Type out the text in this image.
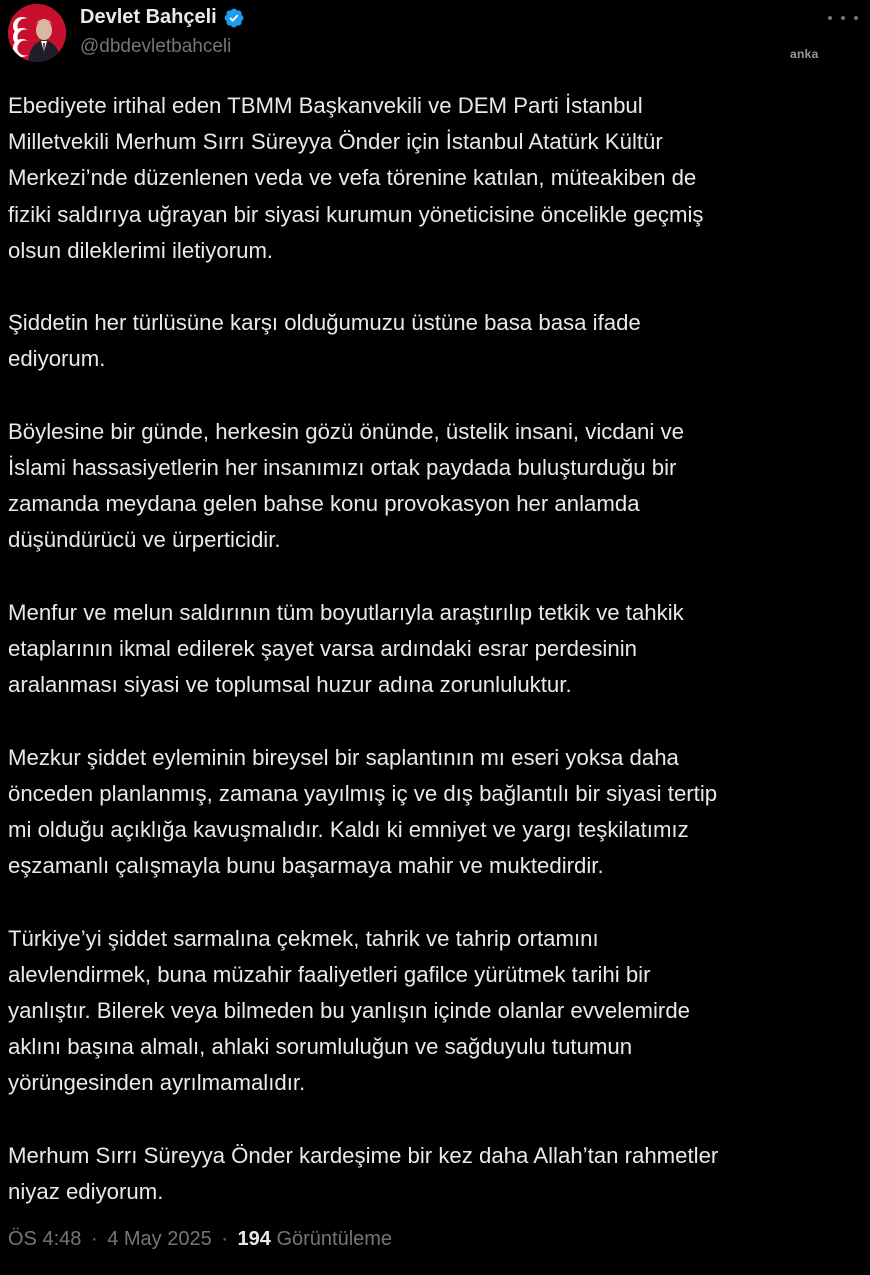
Devlet Bahçeli
@dbdevletbahceli	anka

Ebediyete irtihal eden TBMM Başkanvekili ve DEM Parti İstanbul
Milletvekili Merhum Sırrı Süreyya Önder için İstanbul Atatürk Kültür
Merkezi’nde düzenlenen veda ve vefa törenine katılan, müteakiben de
fiziki saldırıya uğrayan bir siyasi kurumun yöneticisine öncelikle geçmiş
olsun dileklerimi iletiyorum.

Şiddetin her türlüsüne karşı olduğumuzu üstüne basa basa ifade
ediyorum.

Böylesine bir günde, herkesin gözü önünde, üstelik insani, vicdani ve
İslami hassasiyetlerin her insanımızı ortak paydada buluşturduğu bir
zamanda meydana gelen bahse konu provokasyon her anlamda
düşündürücü ve ürperticidir.

Menfur ve melun saldırının tüm boyutlarıyla araştırılıp tetkik ve tahkik
etaplarının ikmal edilerek şayet varsa ardındaki esrar perdesinin
aralanması siyasi ve toplumsal huzur adına zorunluluktur.

Mezkur şiddet eyleminin bireysel bir saplantının mı eseri yoksa daha
önceden planlanmış, zamana yayılmış iç ve dış bağlantılı bir siyasi tertip
mi olduğu açıklığa kavuşmalıdır. Kaldı ki emniyet ve yargı teşkilatımız
eşzamanlı çalışmayla bunu başarmaya mahir ve muktedirdir.

Türkiye’yi şiddet sarmalına çekmek, tahrik ve tahrip ortamını
alevlendirmek, buna müzahir faaliyetleri gafilce yürütmek tarihi bir
yanlıştır. Bilerek veya bilmeden bu yanlışın içinde olanlar evvelemirde
aklını başına almalı, ahlaki sorumluluğun ve sağduyulu tutumun
yörüngesinden ayrılmamalıdır.

Merhum Sırrı Süreyya Önder kardeşime bir kez daha Allah’tan rahmetler
niyaz ediyorum.

ÖS 4:48 · 4 May 2025 · 194 Görüntüleme
